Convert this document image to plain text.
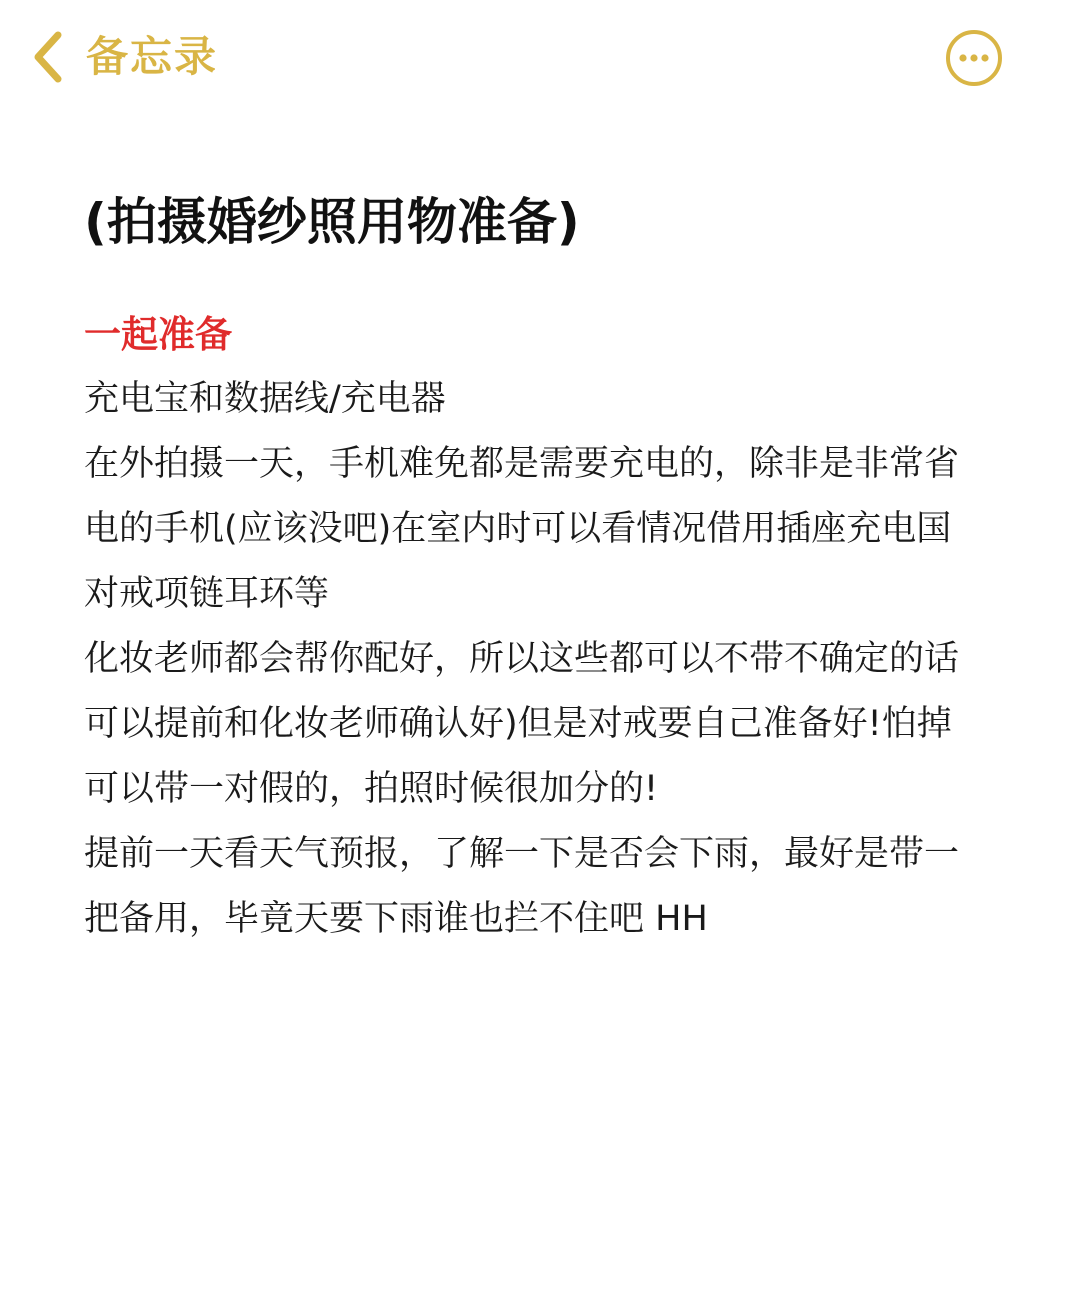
备忘录
(拍摄婚纱照用物准备)

一起准备

充电宝和数据线/充电器

在外拍摄一天，手机难免都是需要充电的，除非是非常省电的手机(应该没吧)在室内时可以看情况借用插座充电国对戒项链耳环等

化妆老师都会帮你配好，所以这些都可以不带不确定的话可以提前和化妆老师确认好)但是对戒要自己准备好!怕掉可以带一对假的，拍照时候很加分的!

提前一天看天气预报，了解一下是否会下雨，最好是带一把备用，毕竟天要下雨谁也拦不住吧 HH
